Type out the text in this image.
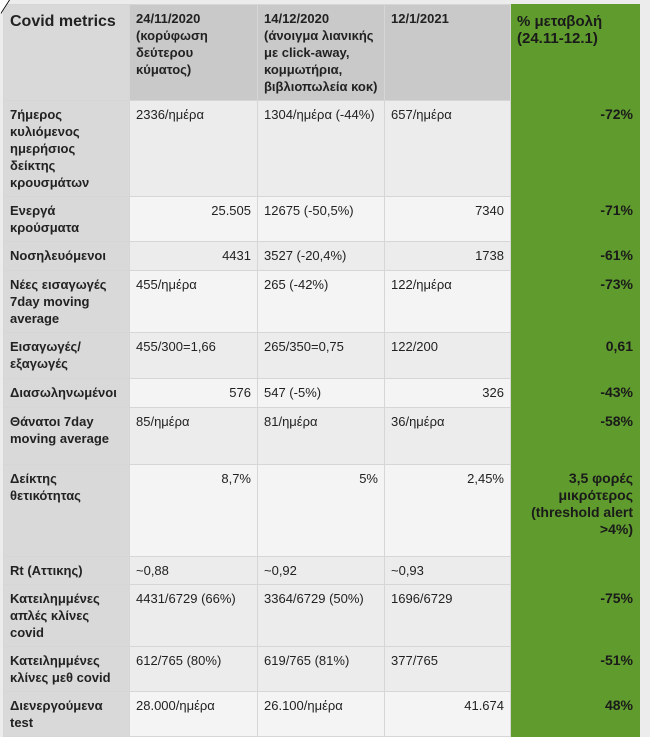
Covid metrics	24/11/2020 (κορύφωση δεύτερου κύματος)	14/12/2020 (άνοιγμα λιανικής με click-away, κομμωτήρια, βιβλιοπωλεία κοκ)	12/1/2021	% μεταβολή (24.11-12.1)
7ήμερος κυλιόμενος ημερήσιος δείκτης κρουσμάτων	2336/ημέρα	1304/ημέρα (-44%)	657/ημέρα	-72%
Ενεργά κρούσματα	25.505	12675 (-50,5%)	7340	-71%
Νοσηλευόμενοι	4431	3527 (-20,4%)	1738	-61%
Νέες εισαγωγές 7day moving average	455/ημέρα	265 (-42%)	122/ημέρα	-73%
Εισαγωγές/ εξαγωγές	455/300=1,66	265/350=0,75	122/200	0,61
Διασωληνωμένοι	576	547 (-5%)	326	-43%
Θάνατοι 7day moving average	85/ημέρα	81/ημέρα	36/ημέρα	-58%
Δείκτης θετικότητας	8,7%	5%	2,45%	3,5 φορές μικρότερος (threshold alert >4%)
Rt (Αττικης)	~0,88	~0,92	~0,93	
Κατειλημμένες απλές κλίνες covid	4431/6729 (66%)	3364/6729 (50%)	1696/6729	-75%
Κατειλημμένες κλίνες μεθ covid	612/765 (80%)	619/765 (81%)	377/765	-51%
Διενεργούμενα test	28.000/ημέρα	26.100/ημέρα	41.674	48%
